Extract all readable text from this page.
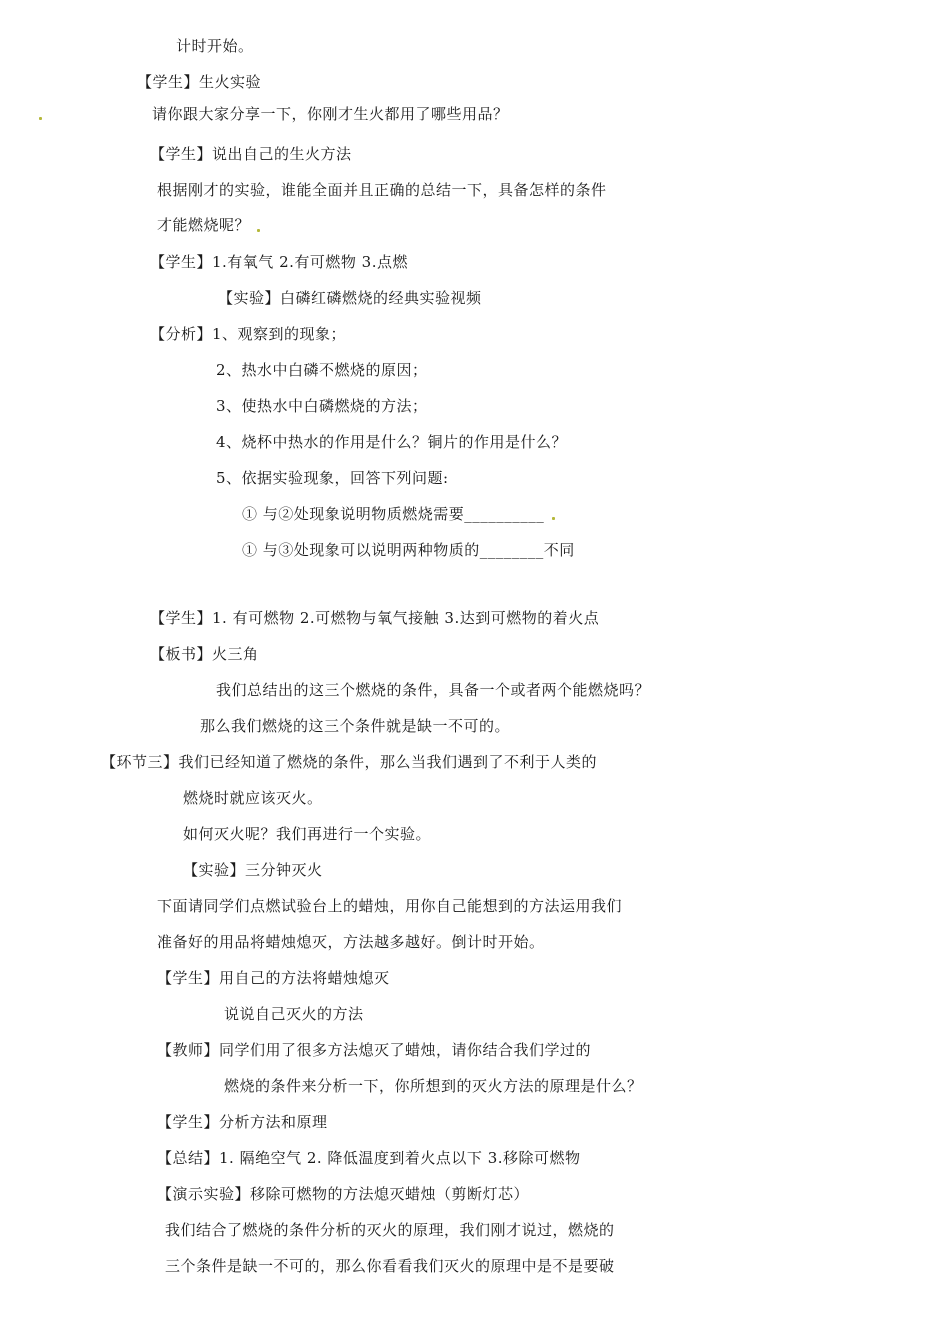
计时开始。
【学生】生火实验
请你跟大家分享一下，你刚才生火都用了哪些用品？
【学生】说出自己的生火方法
根据刚才的实验，谁能全面并且正确的总结一下，具备怎样的条件
才能燃烧呢？
【学生】1.有氧气 2.有可燃物 3.点燃
【实验】白磷红磷燃烧的经典实验视频
【分析】1、观察到的现象；
2、热水中白磷不燃烧的原因；
3、使热水中白磷燃烧的方法；
4、烧杯中热水的作用是什么？铜片的作用是什么？
5、依据实验现象，回答下列问题:
① 与②处现象说明物质燃烧需要__________
① 与③处现象可以说明两种物质的________不同
【学生】1. 有可燃物 2.可燃物与氧气接触 3.达到可燃物的着火点
【板书】火三角
我们总结出的这三个燃烧的条件，具备一个或者两个能燃烧吗？
那么我们燃烧的这三个条件就是缺一不可的。
【环节三】我们已经知道了燃烧的条件，那么当我们遇到了不利于人类的
燃烧时就应该灭火。
如何灭火呢？我们再进行一个实验。
【实验】三分钟灭火
下面请同学们点燃试验台上的蜡烛，用你自己能想到的方法运用我们
准备好的用品将蜡烛熄灭，方法越多越好。倒计时开始。
【学生】用自己的方法将蜡烛熄灭
说说自己灭火的方法
【教师】同学们用了很多方法熄灭了蜡烛，请你结合我们学过的
燃烧的条件来分析一下，你所想到的灭火方法的原理是什么？
【学生】分析方法和原理
【总结】1. 隔绝空气 2. 降低温度到着火点以下 3.移除可燃物
【演示实验】移除可燃物的方法熄灭蜡烛（剪断灯芯）
我们结合了燃烧的条件分析的灭火的原理，我们刚才说过，燃烧的
三个条件是缺一不可的，那么你看看我们灭火的原理中是不是要破
